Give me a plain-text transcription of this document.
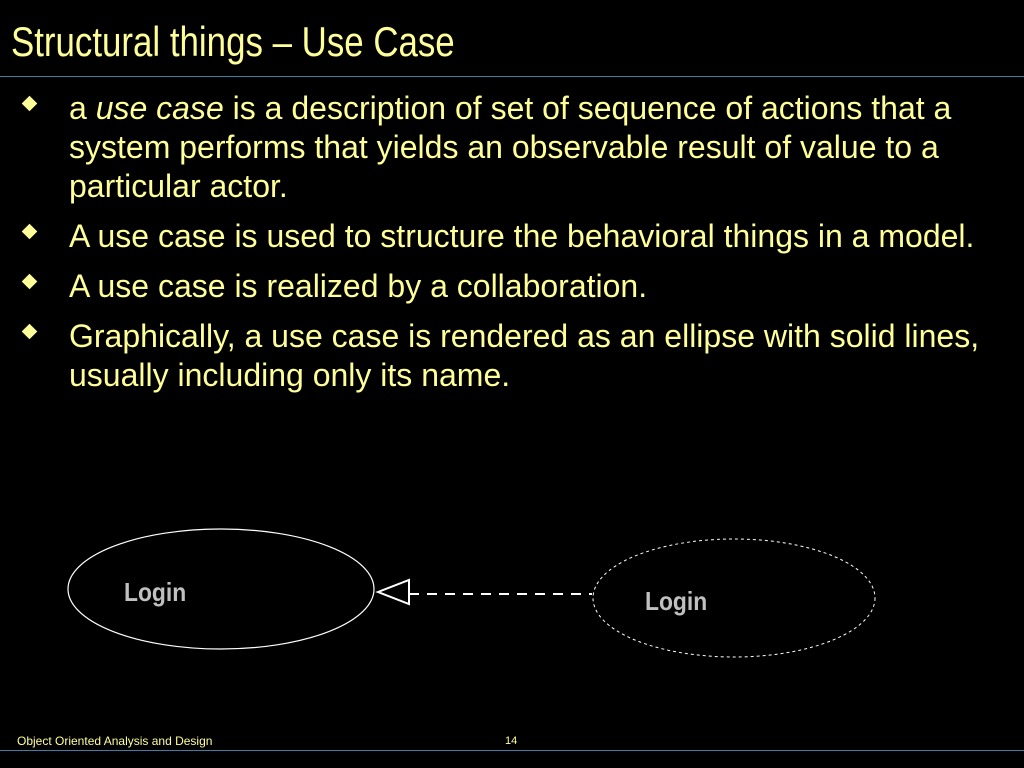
Structural things – Use Case
a use case is a description of set of sequence of actions that a system performs that yields an observable result of value to a particular actor.
A use case is used to structure the behavioral things in a model.
A use case is realized by a collaboration.
Graphically, a use case is rendered as an ellipse with solid lines, usually including only its name.
Login	Login
Object Oriented Analysis and Design	14
